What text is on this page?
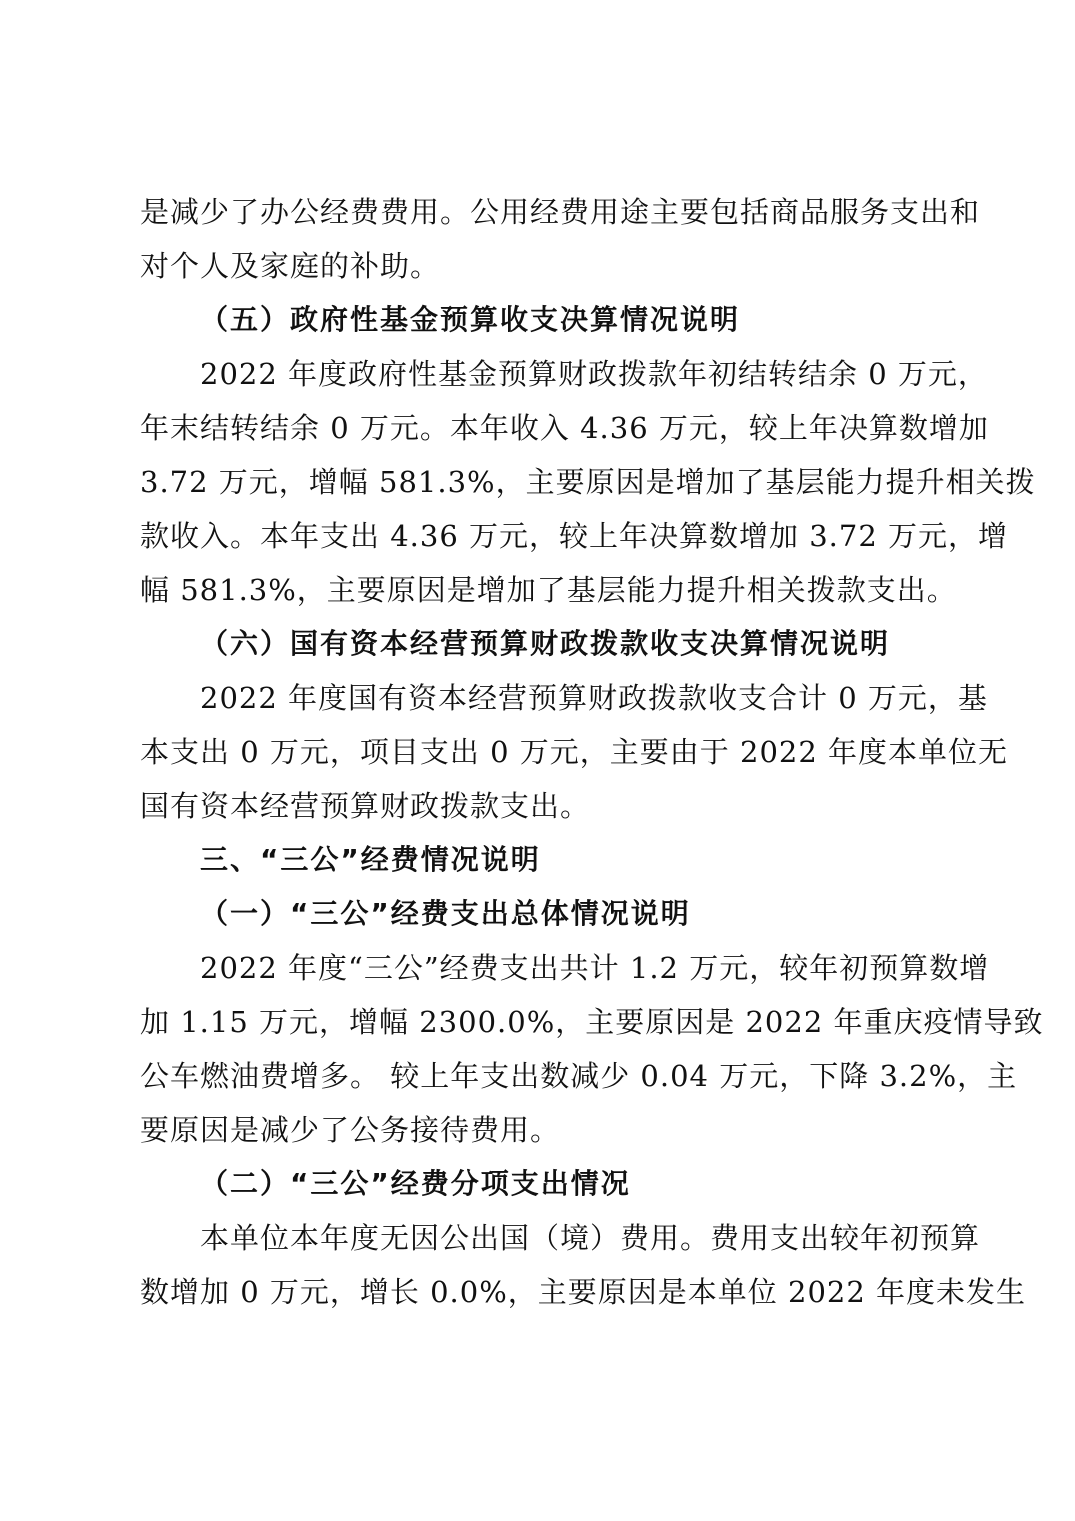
是减少了办公经费费用。公用经费用途主要包括商品服务支出和
对个人及家庭的补助。
（五）政府性基金预算收支决算情况说明
2022 年度政府性基金预算财政拨款年初结转结余 0 万元，
年末结转结余 0 万元。本年收入 4.36 万元，较上年决算数增加
3.72 万元，增幅 581.3%，主要原因是增加了基层能力提升相关拨
款收入。本年支出 4.36 万元，较上年决算数增加 3.72 万元，增
幅 581.3%，主要原因是增加了基层能力提升相关拨款支出。
（六）国有资本经营预算财政拨款收支决算情况说明
2022 年度国有资本经营预算财政拨款收支合计 0 万元，基
本支出 0 万元，项目支出 0 万元，主要由于 2022 年度本单位无
国有资本经营预算财政拨款支出。
三、“三公”经费情况说明
（一）“三公”经费支出总体情况说明
2022 年度“三公”经费支出共计 1.2 万元，较年初预算数增
加 1.15 万元，增幅 2300.0%，主要原因是 2022 年重庆疫情导致
公车燃油费增多。 较上年支出数减少 0.04 万元，下降 3.2%，主
要原因是减少了公务接待费用。
（二）“三公”经费分项支出情况
本单位本年度无因公出国（境）费用。费用支出较年初预算
数增加 0 万元，增长 0.0%，主要原因是本单位 2022 年度未发生
